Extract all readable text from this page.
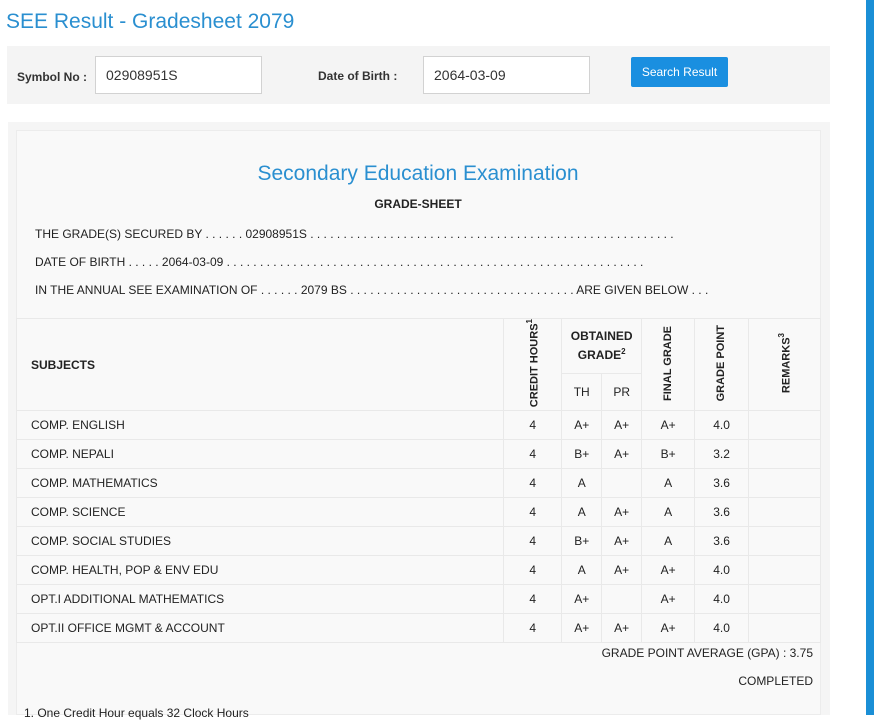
SEE Result - Gradesheet 2079
Symbol No :
02908951S	Date of Birth :
2064-03-09	Search Result
Secondary Education Examination
GRADE-SHEET
THE GRADE(S) SECURED BY . . . . . . 02908951S . . . . . . . . . . . . . . . . . . . . . . . . . . . . . . . . . . . . . . . . . . . . . . . . . . . . . . .
DATE OF BIRTH . . . . . 2064-03-09 . . . . . . . . . . . . . . . . . . . . . . . . . . . . . . . . . . . . . . . . . . . . . . . . . . . . . . . . . . . . . . .
IN THE ANNUAL SEE EXAMINATION OF . . . . . . 2079 BS . . . . . . . . . . . . . . . . . . . . . . . . . . . . . . . . . . ARE GIVEN BELOW . . .
SUBJECTS	CREDIT HOURS$^1$	OBTAINED GRADE$^2$		FINAL GRADE	GRADE POINT	REMARKS$^3$
		TH	PR			
COMP. ENGLISH	4	A+	A+	A+	4.0	
COMP. NEPALI	4	B+	A+	B+	3.2	
COMP. MATHEMATICS	4	A		A	3.6	
COMP. SCIENCE	4	A	A+	A	3.6	
COMP. SOCIAL STUDIES	4	B+	A+	A	3.6	
COMP. HEALTH, POP & ENV EDU	4	A	A+	A+	4.0	
OPT.I ADDITIONAL MATHEMATICS	4	A+		A+	4.0	
OPT.II OFFICE MGMT & ACCOUNT	4	A+	A+	A+	4.0	
GRADE POINT AVERAGE (GPA) : 3.75
COMPLETED
1. One Credit Hour equals 32 Clock Hours
